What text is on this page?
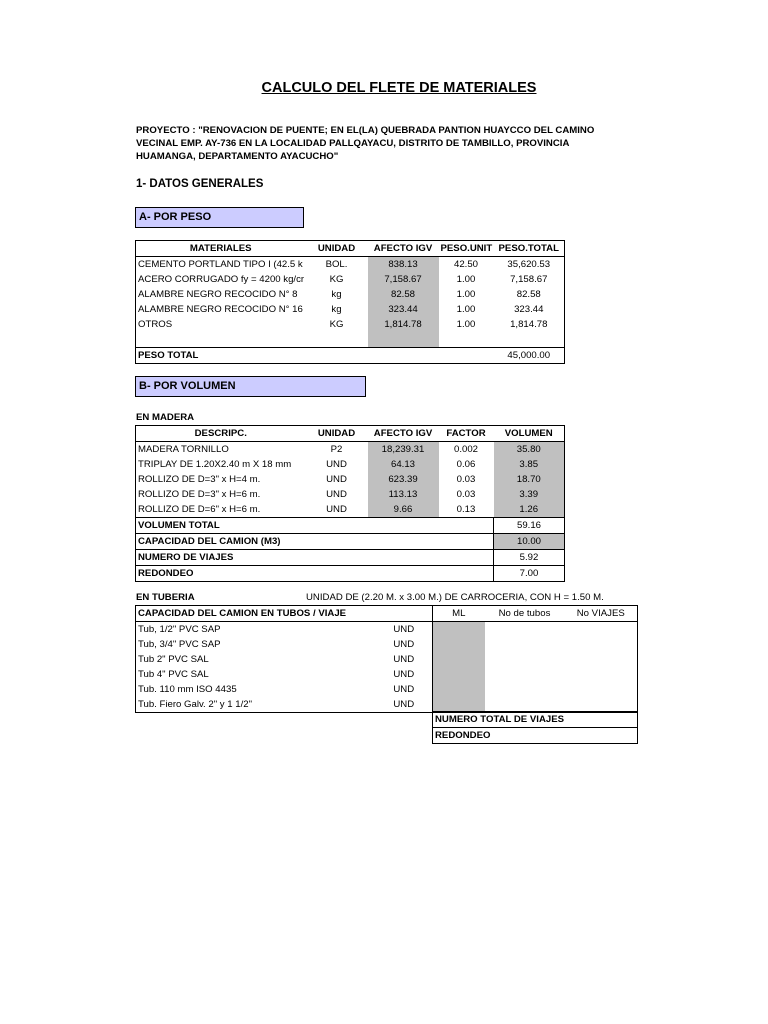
CALCULO DEL FLETE DE MATERIALES
PROYECTO : "RENOVACION DE PUENTE; EN EL(LA) QUEBRADA PANTION HUAYCCO DEL CAMINO VECINAL EMP. AY-736 EN LA LOCALIDAD PALLQAYACU, DISTRITO DE TAMBILLO, PROVINCIA HUAMANGA, DEPARTAMENTO AYACUCHO"
1- DATOS GENERALES
A- POR PESO
MATERIALES	UNIDAD	AFECTO IGV	PESO.UNIT	PESO.TOTAL
CEMENTO PORTLAND TIPO I (42.5 k	BOL.	838.13	42.50	35,620.53
ACERO CORRUGADO fy = 4200 kg/cr	KG	7,158.67	1.00	7,158.67
ALAMBRE NEGRO RECOCIDO N° 8	kg	82.58	1.00	82.58
ALAMBRE NEGRO RECOCIDO N° 16	kg	323.44	1.00	323.44
OTROS	KG	1,814.78	1.00	1,814.78

PESO TOTAL				45,000.00
B- POR VOLUMEN
EN MADERA
DESCRIPC.	UNIDAD	AFECTO IGV	FACTOR	VOLUMEN
MADERA TORNILLO	P2	18,239.31	0.002	35.80
TRIPLAY DE 1.20X2.40 m X 18 mm	UND	64.13	0.06	3.85
ROLLIZO DE D=3" x H=4 m.	UND	623.39	0.03	18.70
ROLLIZO DE D=3" x H=6 m.	UND	113.13	0.03	3.39
ROLLIZO DE D=6" x H=6 m.	UND	9.66	0.13	1.26
VOLUMEN TOTAL				59.16
CAPACIDAD DEL CAMION (M3)				10.00
NUMERO DE VIAJES				5.92
REDONDEO				7.00
EN TUBERIA	UNIDAD DE (2.20 M. x 3.00 M.) DE CARROCERIA, CON H = 1.50 M.
CAPACIDAD DEL CAMION EN TUBOS / VIAJE		ML	No de tubos	No VIAJES
Tub, 1/2" PVC SAP	UND			
Tub, 3/4" PVC SAP	UND			
Tub 2" PVC SAL	UND			
Tub 4" PVC SAL	UND			
Tub. 110 mm ISO 4435	UND			
Tub. Fiero Galv. 2" y 1 1/2"	UND			
NUMERO TOTAL DE VIAJES	
REDONDEO	
